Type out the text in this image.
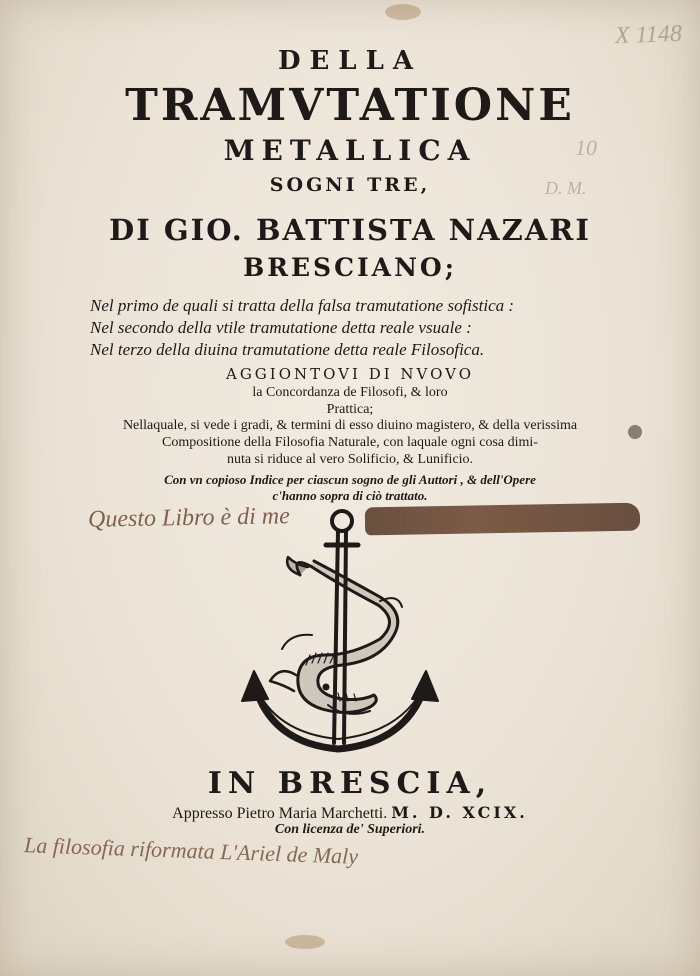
X 1148
10
D. M.
DELLA
TRAMVTATIONE
METALLICA
SOGNI TRE,
DI GIO. BATTISTA NAZARI
BRESCIANO;
Nel primo de quali si tratta della falsa tramutatione sofistica :
Nel secondo della vtile tramutatione detta reale vsuale :
Nel terzo della diuina tramutatione detta reale Filosofica.
AGGIONTOVI DI NVOVO
la Concordanza de Filosofi, & loro
Prattica;
Nellaquale, si vede i gradi, & termini di esso diuino magistero, & della verissima
Compositione della Filosofia Naturale, con laquale ogni cosa dimi-
nuta si riduce al vero Solificio, & Lunificio.
Con vn copioso Indice per ciascun sogno de gli Auttori , & dell'Opere
c'hanno sopra di ciò trattato.
Questo Libro è di me
IN BRESCIA,
Appresso Pietro Maria Marchetti. M. D. XCIX.
Con licenza de' Superiori.
La filosofia riformata L'Ariel de Maly
